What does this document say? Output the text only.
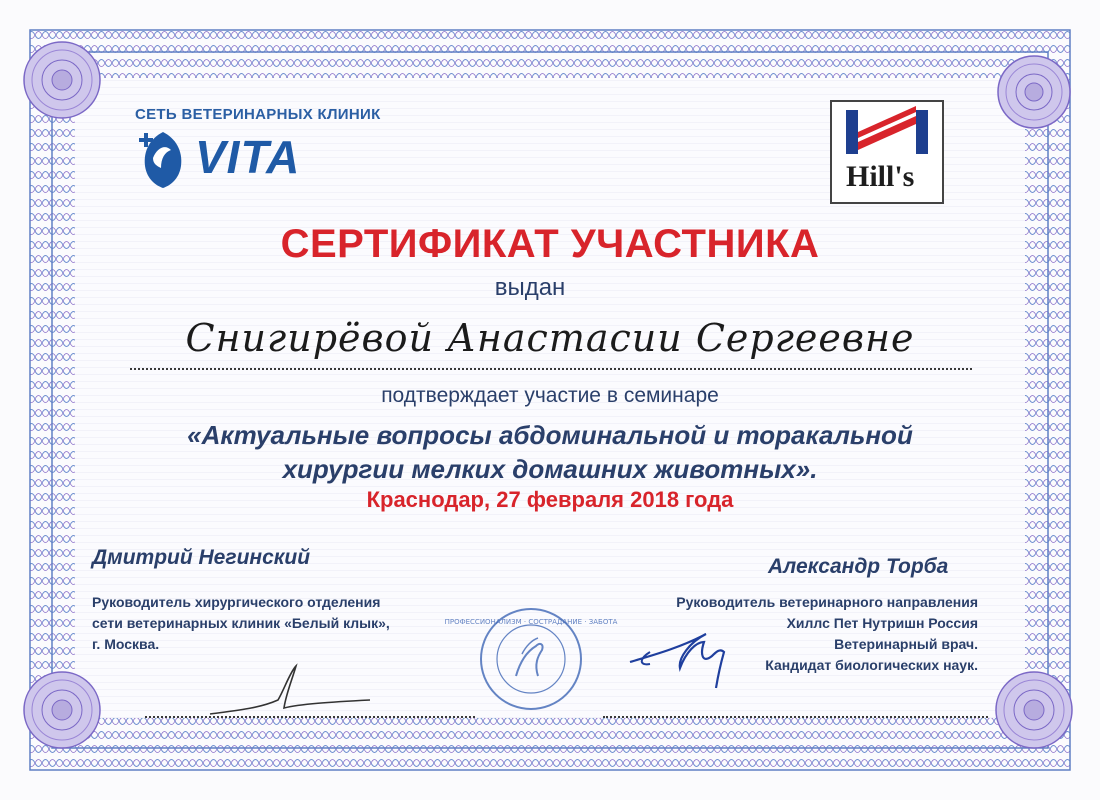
СЕТЬ ВЕТЕРИНАРНЫХ КЛИНИК
VITA	Hill's
СЕРТИФИКАТ УЧАСТНИКА
выдан
Снигирёвой Анастасии Сергеевне
подтверждает участие в семинаре
«Актуальные вопросы абдоминальной и торакальной
хирургии мелких домашних животных».
Краснодар, 27 февраля 2018 года
Дмитрий Негинский
Руководитель хирургического отделения
сети ветеринарных клиник «Белый клык»,
г. Москва.
ПРОФЕССИОНАЛИЗМ · СОСТРАДАНИЕ · ЗАБОТА
Александр Торба
Руководитель ветеринарного направления
Хиллс Пет Нутришн Россия
Ветеринарный врач.
Кандидат биологических наук.
